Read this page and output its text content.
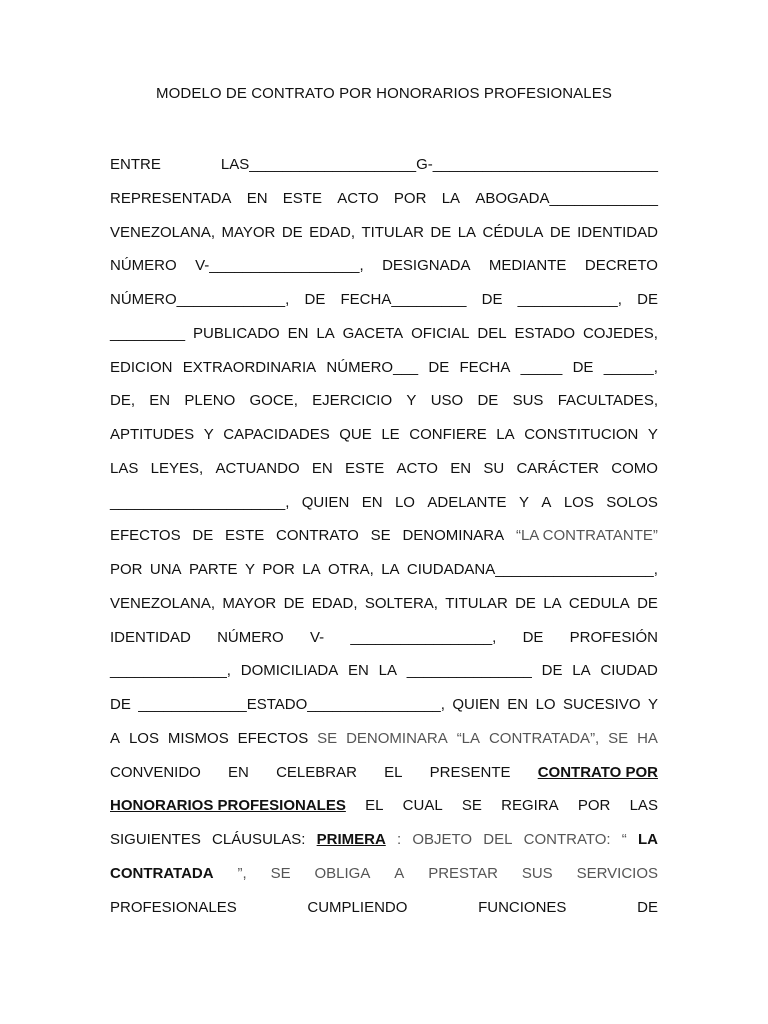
MODELO DE CONTRATO POR HONORARIOS PROFESIONALES
ENTRE	LAS____________________G-___________________________
REPRESENTADA EN ESTE ACTO POR LA ABOGADA_____________
VENEZOLANA, MAYOR DE EDAD, TITULAR DE LA CÉDULA DE IDENTIDAD
NÚMERO V-__________________, DESIGNADA MEDIANTE DECRETO
NÚMERO_____________, DE FECHA_________ DE ____________, DE
_________ PUBLICADO EN LA GACETA OFICIAL DEL ESTADO COJEDES,
EDICION EXTRAORDINARIA NÚMERO___ DE FECHA _____ DE ______,
DE, EN PLENO GOCE, EJERCICIO Y USO DE SUS FACULTADES,
APTITUDES Y CAPACIDADES QUE LE CONFIERE LA CONSTITUCION Y
LAS LEYES, ACTUANDO EN ESTE ACTO EN SU CARÁCTER COMO
_____________________, QUIEN EN LO ADELANTE Y A LOS SOLOS
EFECTOS DE ESTE CONTRATO SE DENOMINARA “LA CONTRATANTE”
POR UNA PARTE Y POR LA OTRA, LA CIUDADANA___________________,
VENEZOLANA, MAYOR DE EDAD, SOLTERA, TITULAR DE LA CEDULA DE
IDENTIDAD NÚMERO V- _________________, DE PROFESIÓN
______________, DOMICILIADA EN LA _______________ DE LA CIUDAD
DE _____________ESTADO________________, QUIEN EN LO SUCESIVO Y
A LOS MISMOS EFECTOS SE DENOMINARA “LA CONTRATADA”, SE HA
CONVENIDO EN CELEBRAR EL PRESENTE CONTRATO POR
HONORARIOS PROFESIONALES EL CUAL SE REGIRA POR LAS
SIGUIENTES CLÁUSULAS: PRIMERA : OBJETO DEL CONTRATO: “ LA
CONTRATADA ”, SE OBLIGA A PRESTAR SUS SERVICIOS
PROFESIONALES	CUMPLIENDO	FUNCIONES	DE
